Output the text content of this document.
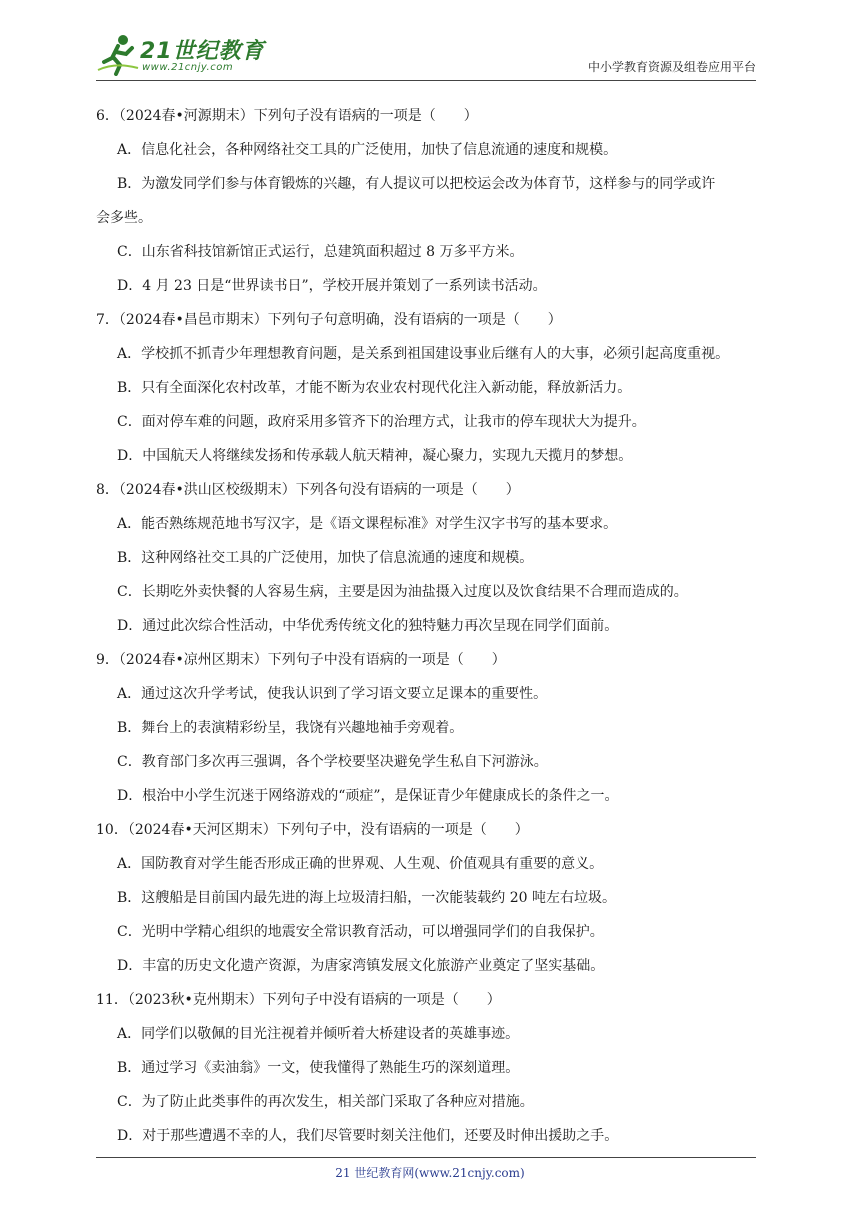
21世纪教育
www.21cnjy.com	中小学教育资源及组卷应用平台
6．（2024春•河源期末）下列句子没有语病的一项是（　　）
A．信息化社会，各种网络社交工具的广泛使用，加快了信息流通的速度和规模。
B．为激发同学们参与体育锻炼的兴趣，有人提议可以把校运会改为体育节，这样参与的同学或许
会多些。
C．山东省科技馆新馆正式运行，总建筑面积超过 8 万多平方米。
D．4 月 23 日是“世界读书日”，学校开展并策划了一系列读书活动。
7．（2024春•昌邑市期末）下列句子句意明确，没有语病的一项是（　　）
A．学校抓不抓青少年理想教育问题，是关系到祖国建设事业后继有人的大事，必须引起高度重视。
B．只有全面深化农村改革，才能不断为农业农村现代化注入新动能，释放新活力。
C．面对停车难的问题，政府采用多管齐下的治理方式，让我市的停车现状大为提升。
D．中国航天人将继续发扬和传承载人航天精神，凝心聚力，实现九天揽月的梦想。
8．（2024春•洪山区校级期末）下列各句没有语病的一项是（　　）
A．能否熟练规范地书写汉字，是《语文课程标准》对学生汉字书写的基本要求。
B．这种网络社交工具的广泛使用，加快了信息流通的速度和规模。
C．长期吃外卖快餐的人容易生病，主要是因为油盐摄入过度以及饮食结果不合理而造成的。
D．通过此次综合性活动，中华优秀传统文化的独特魅力再次呈现在同学们面前。
9．（2024春•凉州区期末）下列句子中没有语病的一项是（　　）
A．通过这次升学考试，使我认识到了学习语文要立足课本的重要性。
B．舞台上的表演精彩纷呈，我饶有兴趣地袖手旁观着。
C．教育部门多次再三强调，各个学校要坚决避免学生私自下河游泳。
D．根治中小学生沉迷于网络游戏的“顽症”，是保证青少年健康成长的条件之一。
10．（2024春•天河区期末）下列句子中，没有语病的一项是（　　）
A．国防教育对学生能否形成正确的世界观、人生观、价值观具有重要的意义。
B．这艘船是目前国内最先进的海上垃圾清扫船，一次能装载约 20 吨左右垃圾。
C．光明中学精心组织的地震安全常识教育活动，可以增强同学们的自我保护。
D．丰富的历史文化遗产资源，为唐家湾镇发展文化旅游产业奠定了坚实基础。
11．（2023秋•克州期末）下列句子中没有语病的一项是（　　）
A．同学们以敬佩的目光注视着并倾听着大桥建设者的英雄事迹。
B．通过学习《卖油翁》一文，使我懂得了熟能生巧的深刻道理。
C．为了防止此类事件的再次发生，相关部门采取了各种应对措施。
D．对于那些遭遇不幸的人，我们尽管要时刻关注他们，还要及时伸出援助之手。
21 世纪教育网(www.21cnjy.com)
